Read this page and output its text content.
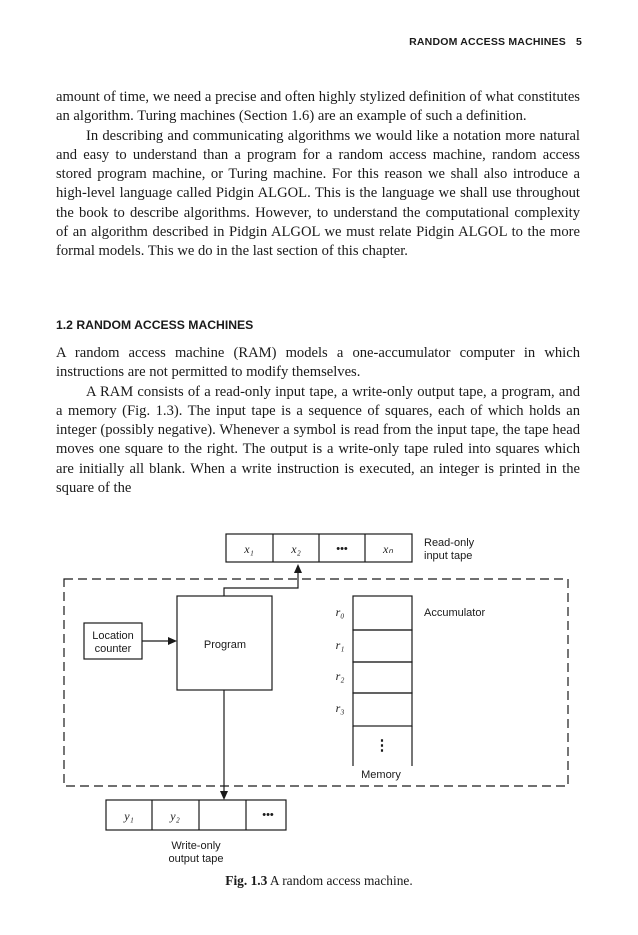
RANDOM ACCESS MACHINES 5

amount of time, we need a precise and often highly stylized definition of what constitutes an algorithm. Turing machines (Section 1.6) are an example of such a definition.

In describing and communicating algorithms we would like a notation more natural and easy to understand than a program for a random access machine, random access stored program machine, or Turing machine. For this reason we shall also introduce a high-level language called Pidgin ALGOL. This is the language we shall use throughout the book to describe algorithms. However, to understand the computational complexity of an algorithm described in Pidgin ALGOL we must relate Pidgin ALGOL to the more formal models. This we do in the last section of this chapter.

1.2 RANDOM ACCESS MACHINES

A random access machine (RAM) models a one-accumulator computer in which instructions are not permitted to modify themselves.

A RAM consists of a read-only input tape, a write-only output tape, a program, and a memory (Fig. 1.3). The input tape is a sequence of squares, each of which holds an integer (possibly negative). Whenever a symbol is read from the input tape, the tape head moves one square to the right. The output is a write-only tape ruled into squares which are initially all blank. When a write instruction is executed, an integer is printed in the square of the

x₁	x₂	•••	xₙ	Read-only
input tape
Program
Location
counter
r₀
r₁
r₂
r₃
⋮
Accumulator
Memory
y₁	y₂	•••
Write-only
output tape
Fig. 1.3 A random access machine.
